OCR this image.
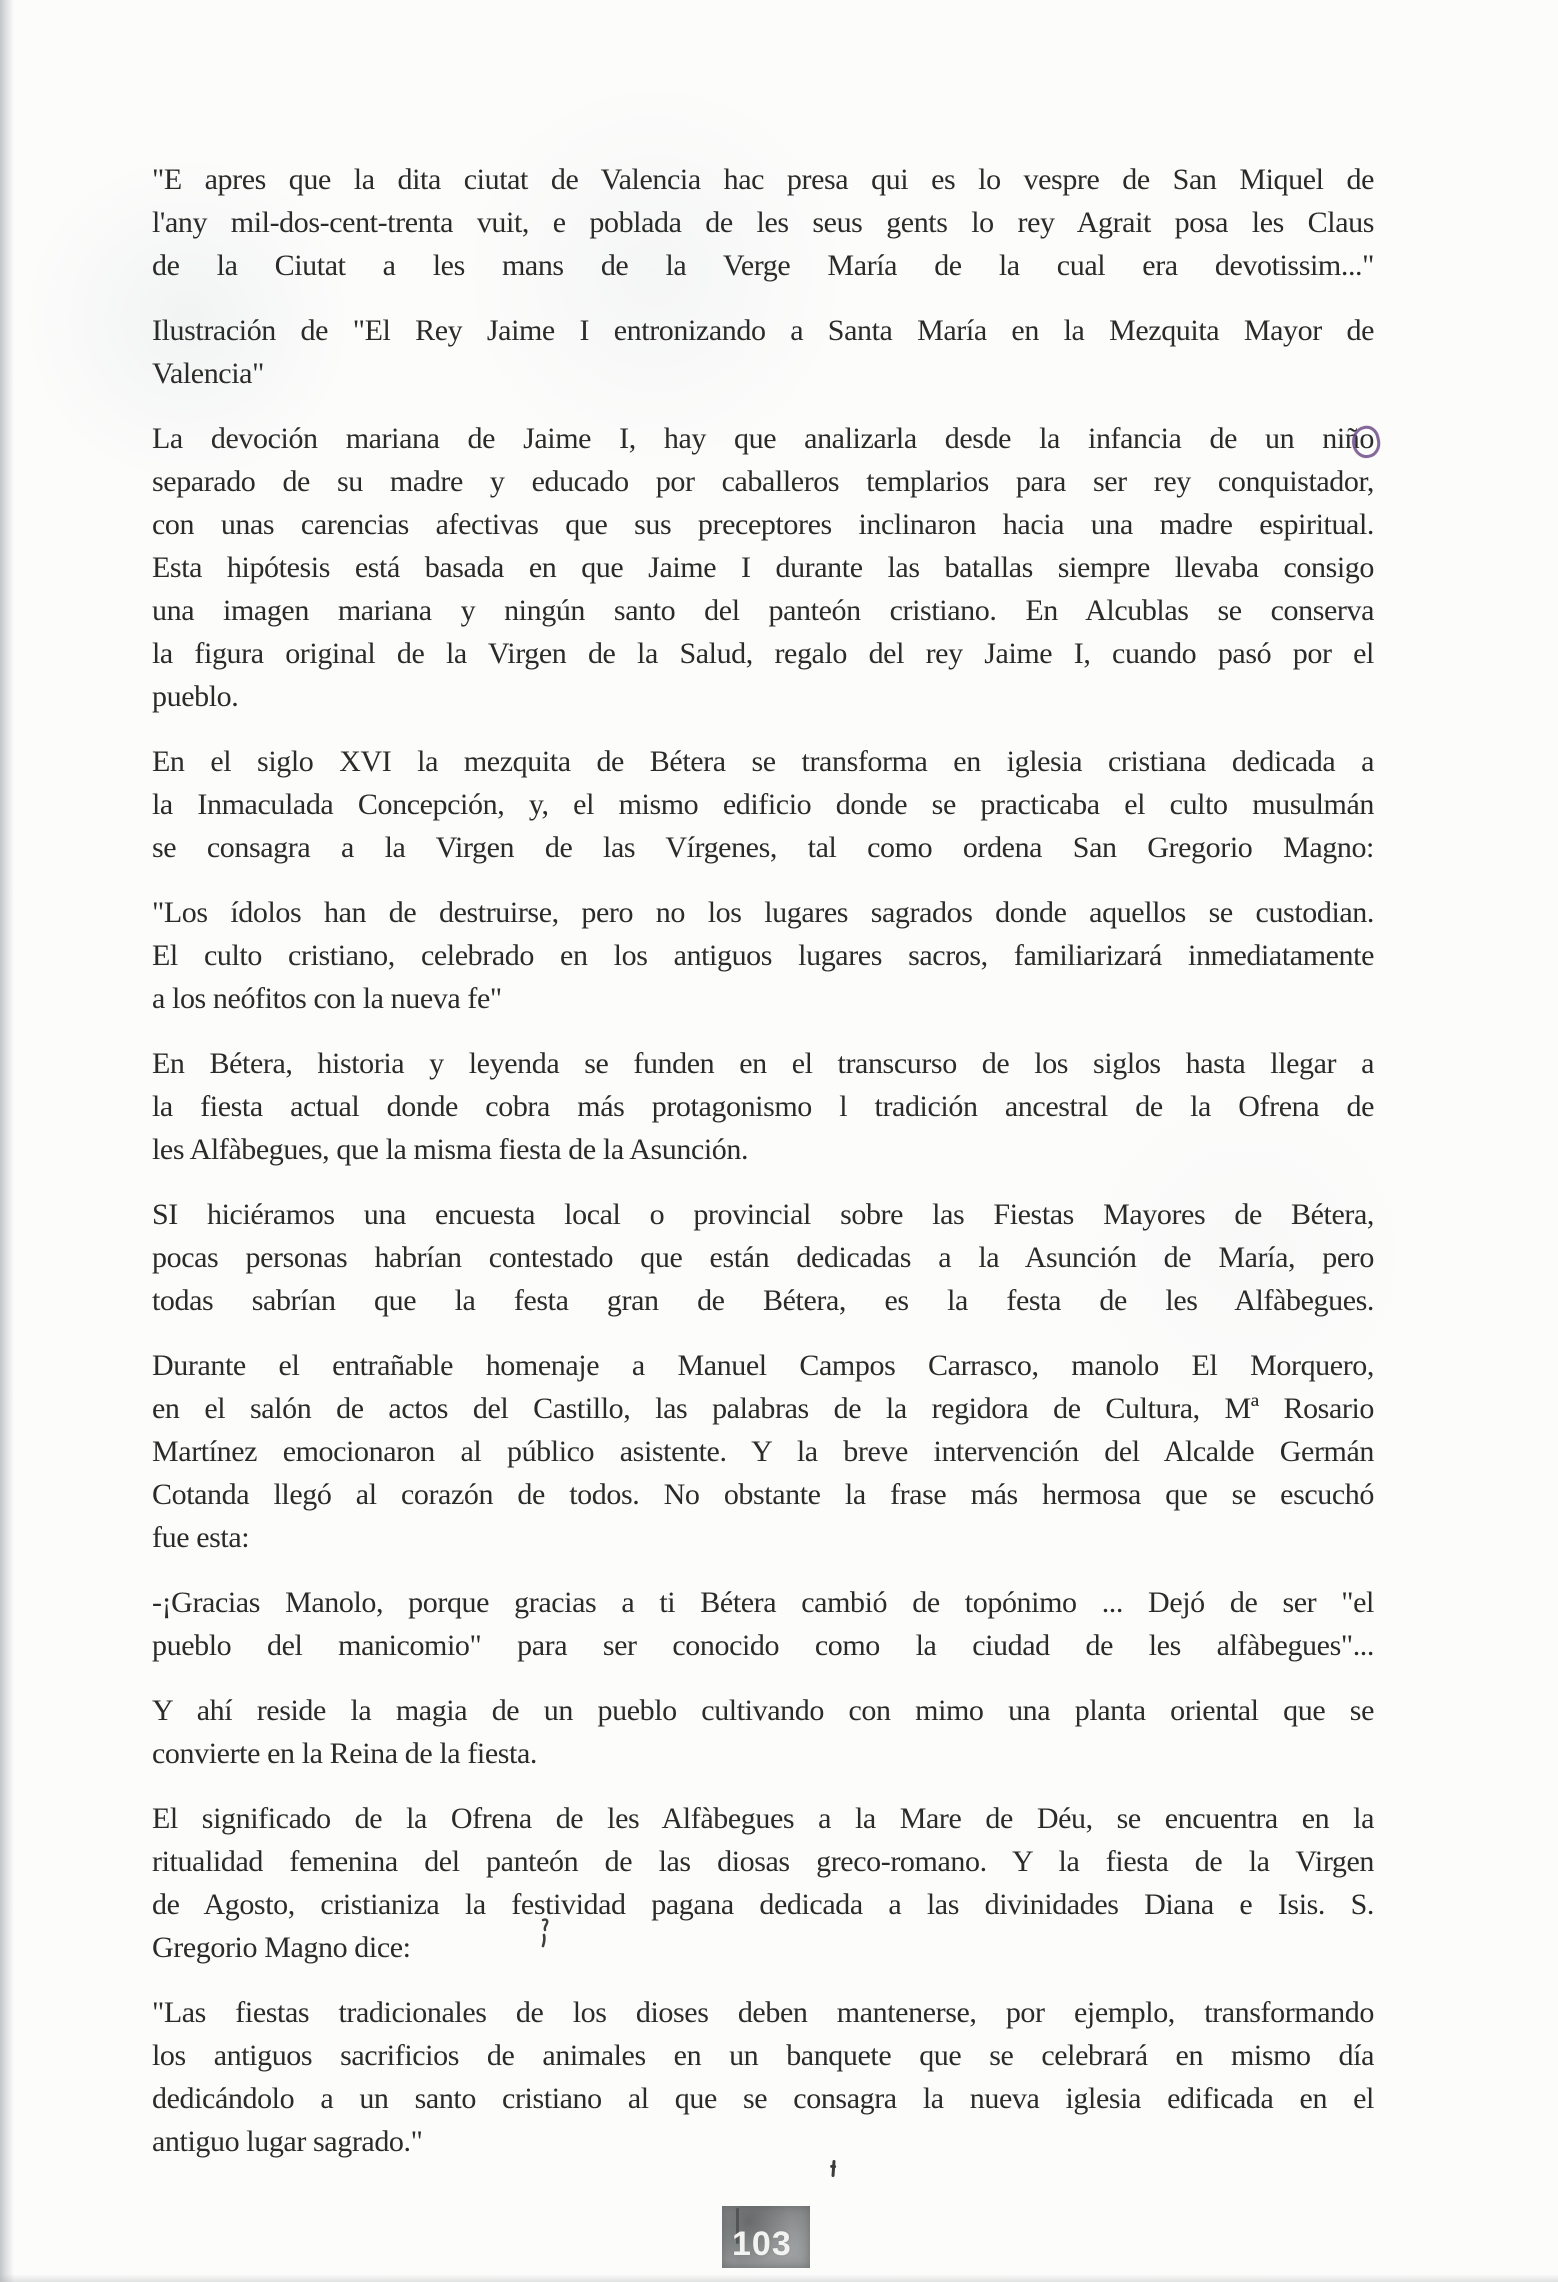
"E apres que la dita ciutat de Valencia hac presa qui es lo vespre de San Miquel de
l'any mil-dos-cent-trenta vuit, e poblada de les seus gents lo rey Agrait posa les Claus
de la Ciutat a les mans de la Verge María de la cual era devotissim..."
Ilustración de "El Rey Jaime I entronizando a Santa María en la Mezquita Mayor de
Valencia"
La devoción mariana de Jaime I, hay que analizarla desde la infancia de un niño
separado de su madre y educado por caballeros templarios para ser rey conquistador,
con unas carencias afectivas que sus preceptores inclinaron hacia una madre espiritual.
Esta hipótesis está basada en que Jaime I durante las batallas siempre llevaba consigo
una imagen mariana y ningún santo del panteón cristiano. En Alcublas se conserva
la figura original de la Virgen de la Salud, regalo del rey Jaime I, cuando pasó por el
pueblo.
En el siglo XVI la mezquita de Bétera se transforma en iglesia cristiana dedicada a
la Inmaculada Concepción, y, el mismo edificio donde se practicaba el culto musulmán
se consagra a la Virgen de las Vírgenes, tal como ordena San Gregorio Magno:
"Los ídolos han de destruirse, pero no los lugares sagrados donde aquellos se custodian.
El culto cristiano, celebrado en los antiguos lugares sacros, familiarizará inmediatamente
a los neófitos con la nueva fe"
En Bétera, historia y leyenda se funden en el transcurso de los siglos hasta llegar a
la fiesta actual donde cobra más protagonismo l tradición ancestral de la Ofrena de
les Alfàbegues, que la misma fiesta de la Asunción.
SI hiciéramos una encuesta local o provincial sobre las Fiestas Mayores de Bétera,
pocas personas habrían contestado que están dedicadas a la Asunción de María, pero
todas sabrían que la festa gran de Bétera, es la festa de les Alfàbegues.
Durante el entrañable homenaje a Manuel Campos Carrasco, manolo El Morquero,
en el salón de actos del Castillo, las palabras de la regidora de Cultura, Mª Rosario
Martínez emocionaron al público asistente. Y la breve intervención del Alcalde Germán
Cotanda llegó al corazón de todos. No obstante la frase más hermosa que se escuchó
fue esta:
-¡Gracias Manolo, porque gracias a ti Bétera cambió de topónimo ... Dejó de ser "el
pueblo del manicomio" para ser conocido como la ciudad de les alfàbegues"...
Y ahí reside la magia de un pueblo cultivando con mimo una planta oriental que se
convierte en la Reina de la fiesta.
El significado de la Ofrena de les Alfàbegues a la Mare de Déu, se encuentra en la
ritualidad femenina del panteón de las diosas greco-romano. Y la fiesta de la Virgen
de Agosto, cristianiza la festividad pagana dedicada a las divinidades Diana e Isis. S.
Gregorio Magno dice:
"Las fiestas tradicionales de los dioses deben mantenerse, por ejemplo, transformando
los antiguos sacrificios de animales en un banquete que se celebrará en mismo día
dedicándolo a un santo cristiano al que se consagra la nueva iglesia edificada en el
antiguo lugar sagrado."
103
